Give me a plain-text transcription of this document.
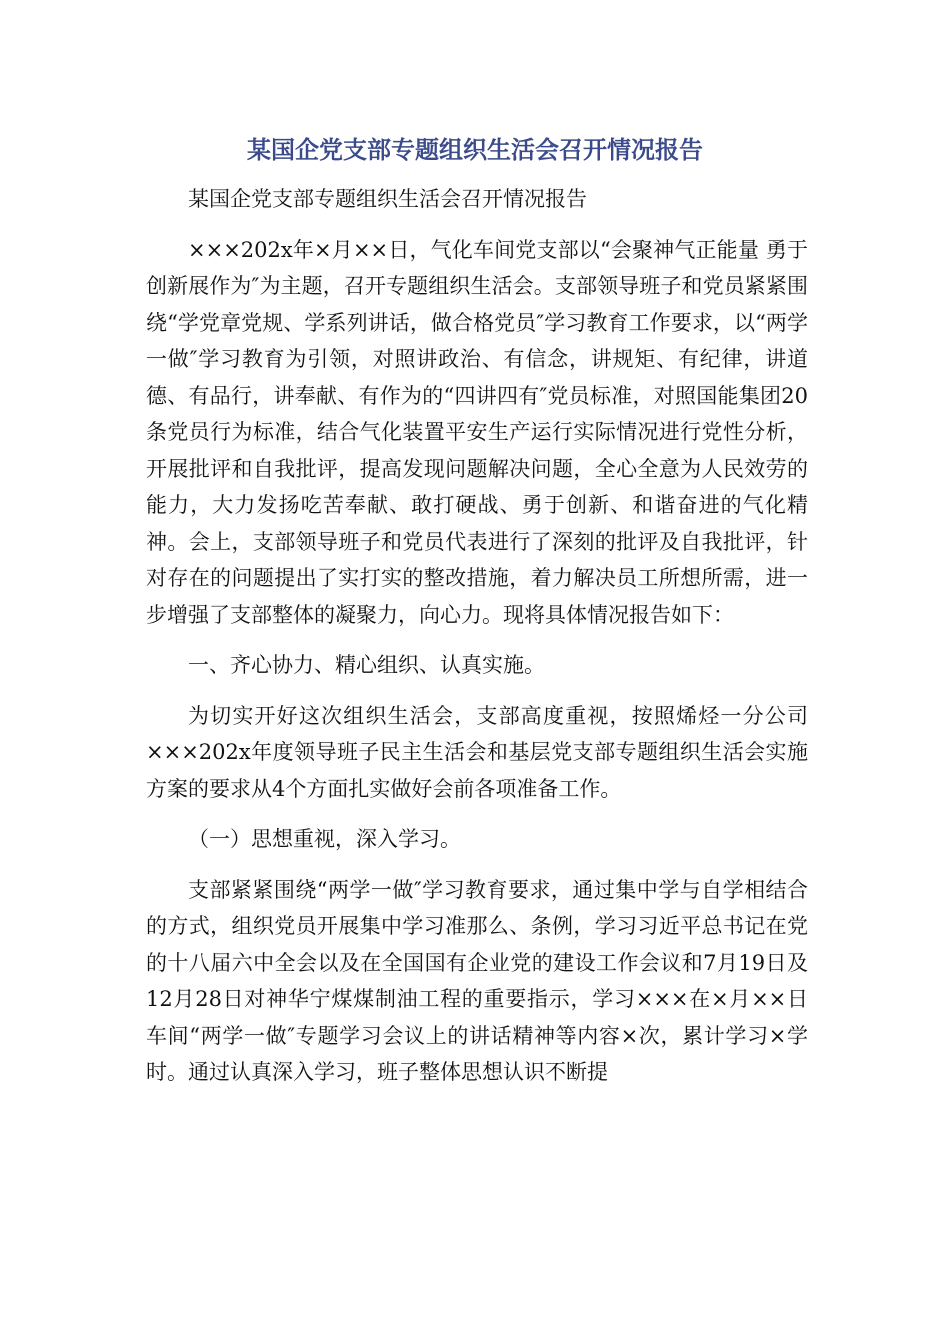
某国企党支部专题组织生活会召开情况报告

某国企党支部专题组织生活会召开情况报告

×××202x年×月××日，气化车间党支部以“会聚神气正能量 勇于创新展作为″为主题，召开专题组织生活会。支部领导班子和党员紧紧围绕“学党章党规、学系列讲话，做合格党员″学习教育工作要求，以“两学一做″学习教育为引领，对照讲政治、有信念，讲规矩、有纪律，讲道德、有品行，讲奉献、有作为的“四讲四有″党员标准，对照国能集团20条党员行为标准，结合气化装置平安生产运行实际情况进行党性分析，开展批评和自我批评，提高发现问题解决问题，全心全意为人民效劳的能力，大力发扬吃苦奉献、敢打硬战、勇于创新、和谐奋进的气化精神。会上，支部领导班子和党员代表进行了深刻的批评及自我批评，针对存在的问题提出了实打实的整改措施，着力解决员工所想所需，进一步增强了支部整体的凝聚力，向心力。现将具体情况报告如下：

一、齐心协力、精心组织、认真实施。

为切实开好这次组织生活会，支部高度重视，按照烯烃一分公司×××202x年度领导班子民主生活会和基层党支部专题组织生活会实施方案的要求从4个方面扎实做好会前各项准备工作。

（一）思想重视，深入学习。

支部紧紧围绕“两学一做″学习教育要求，通过集中学与自学相结合的方式，组织党员开展集中学习准那么、条例，学习习近平总书记在党的十八届六中全会以及在全国国有企业党的建设工作会议和7月19日及12月28日对神华宁煤煤制油工程的重要指示，学习×××在×月××日车间“两学一做″专题学习会议上的讲话精神等内容×次，累计学习×学时。通过认真深入学习，班子整体思想认识不断提
